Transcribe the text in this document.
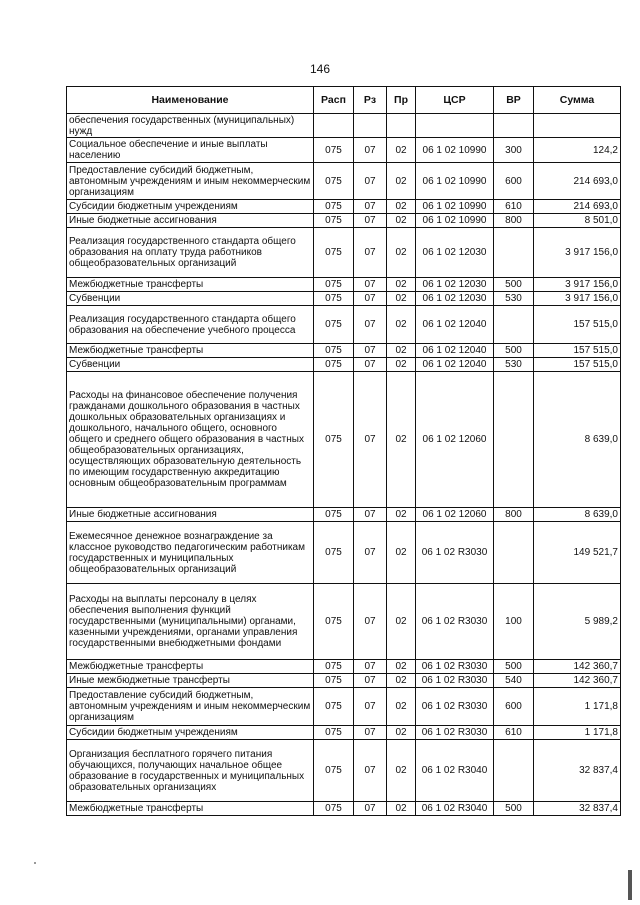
146
Наименование	Расп	Рз	Пр	ЦСР	ВР	Сумма
обеспечения государственных (муниципальных) нужд						
Социальное обеспечение и иные выплаты населению	075	07	02	06 1 02 10990	300	124,2
Предоставление субсидий бюджетным, автономным учреждениям и иным некоммерческим организациям	075	07	02	06 1 02 10990	600	214 693,0
Субсидии бюджетным учреждениям	075	07	02	06 1 02 10990	610	214 693,0
Иные бюджетные ассигнования	075	07	02	06 1 02 10990	800	8 501,0
Реализация государственного стандарта общего образования на оплату труда работников общеобразовательных организаций	075	07	02	06 1 02 12030		3 917 156,0
Межбюджетные трансферты	075	07	02	06 1 02 12030	500	3 917 156,0
Субвенции	075	07	02	06 1 02 12030	530	3 917 156,0
Реализация государственного стандарта общего образования на обеспечение учебного процесса	075	07	02	06 1 02 12040		157 515,0
Межбюджетные трансферты	075	07	02	06 1 02 12040	500	157 515,0
Субвенции	075	07	02	06 1 02 12040	530	157 515,0
Расходы на финансовое обеспечение получения гражданами дошкольного образования в частных дошкольных образовательных организациях и дошкольного, начального общего, основного общего и среднего общего образования в частных общеобразовательных организациях, осуществляющих образовательную деятельность по имеющим государственную аккредитацию основным общеобразовательным программам	075	07	02	06 1 02 12060		8 639,0
Иные бюджетные ассигнования	075	07	02	06 1 02 12060	800	8 639,0
Ежемесячное денежное вознаграждение за классное руководство педагогическим работникам государственных и муниципальных общеобразовательных организаций	075	07	02	06 1 02 R3030		149 521,7
Расходы на выплаты персоналу в целях обеспечения выполнения функций государственными (муниципальными) органами, казенными учреждениями, органами управления государственными внебюджетными фондами	075	07	02	06 1 02 R3030	100	5 989,2
Межбюджетные трансферты	075	07	02	06 1 02 R3030	500	142 360,7
Иные межбюджетные трансферты	075	07	02	06 1 02 R3030	540	142 360,7
Предоставление субсидий бюджетным, автономным учреждениям и иным некоммерческим организациям	075	07	02	06 1 02 R3030	600	1 171,8
Субсидии бюджетным учреждениям	075	07	02	06 1 02 R3030	610	1 171,8
Организация бесплатного горячего питания обучающихся, получающих начальное общее образование в государственных и муниципальных образовательных организациях	075	07	02	06 1 02 R3040		32 837,4
Межбюджетные трансферты	075	07	02	06 1 02 R3040	500	32 837,4
